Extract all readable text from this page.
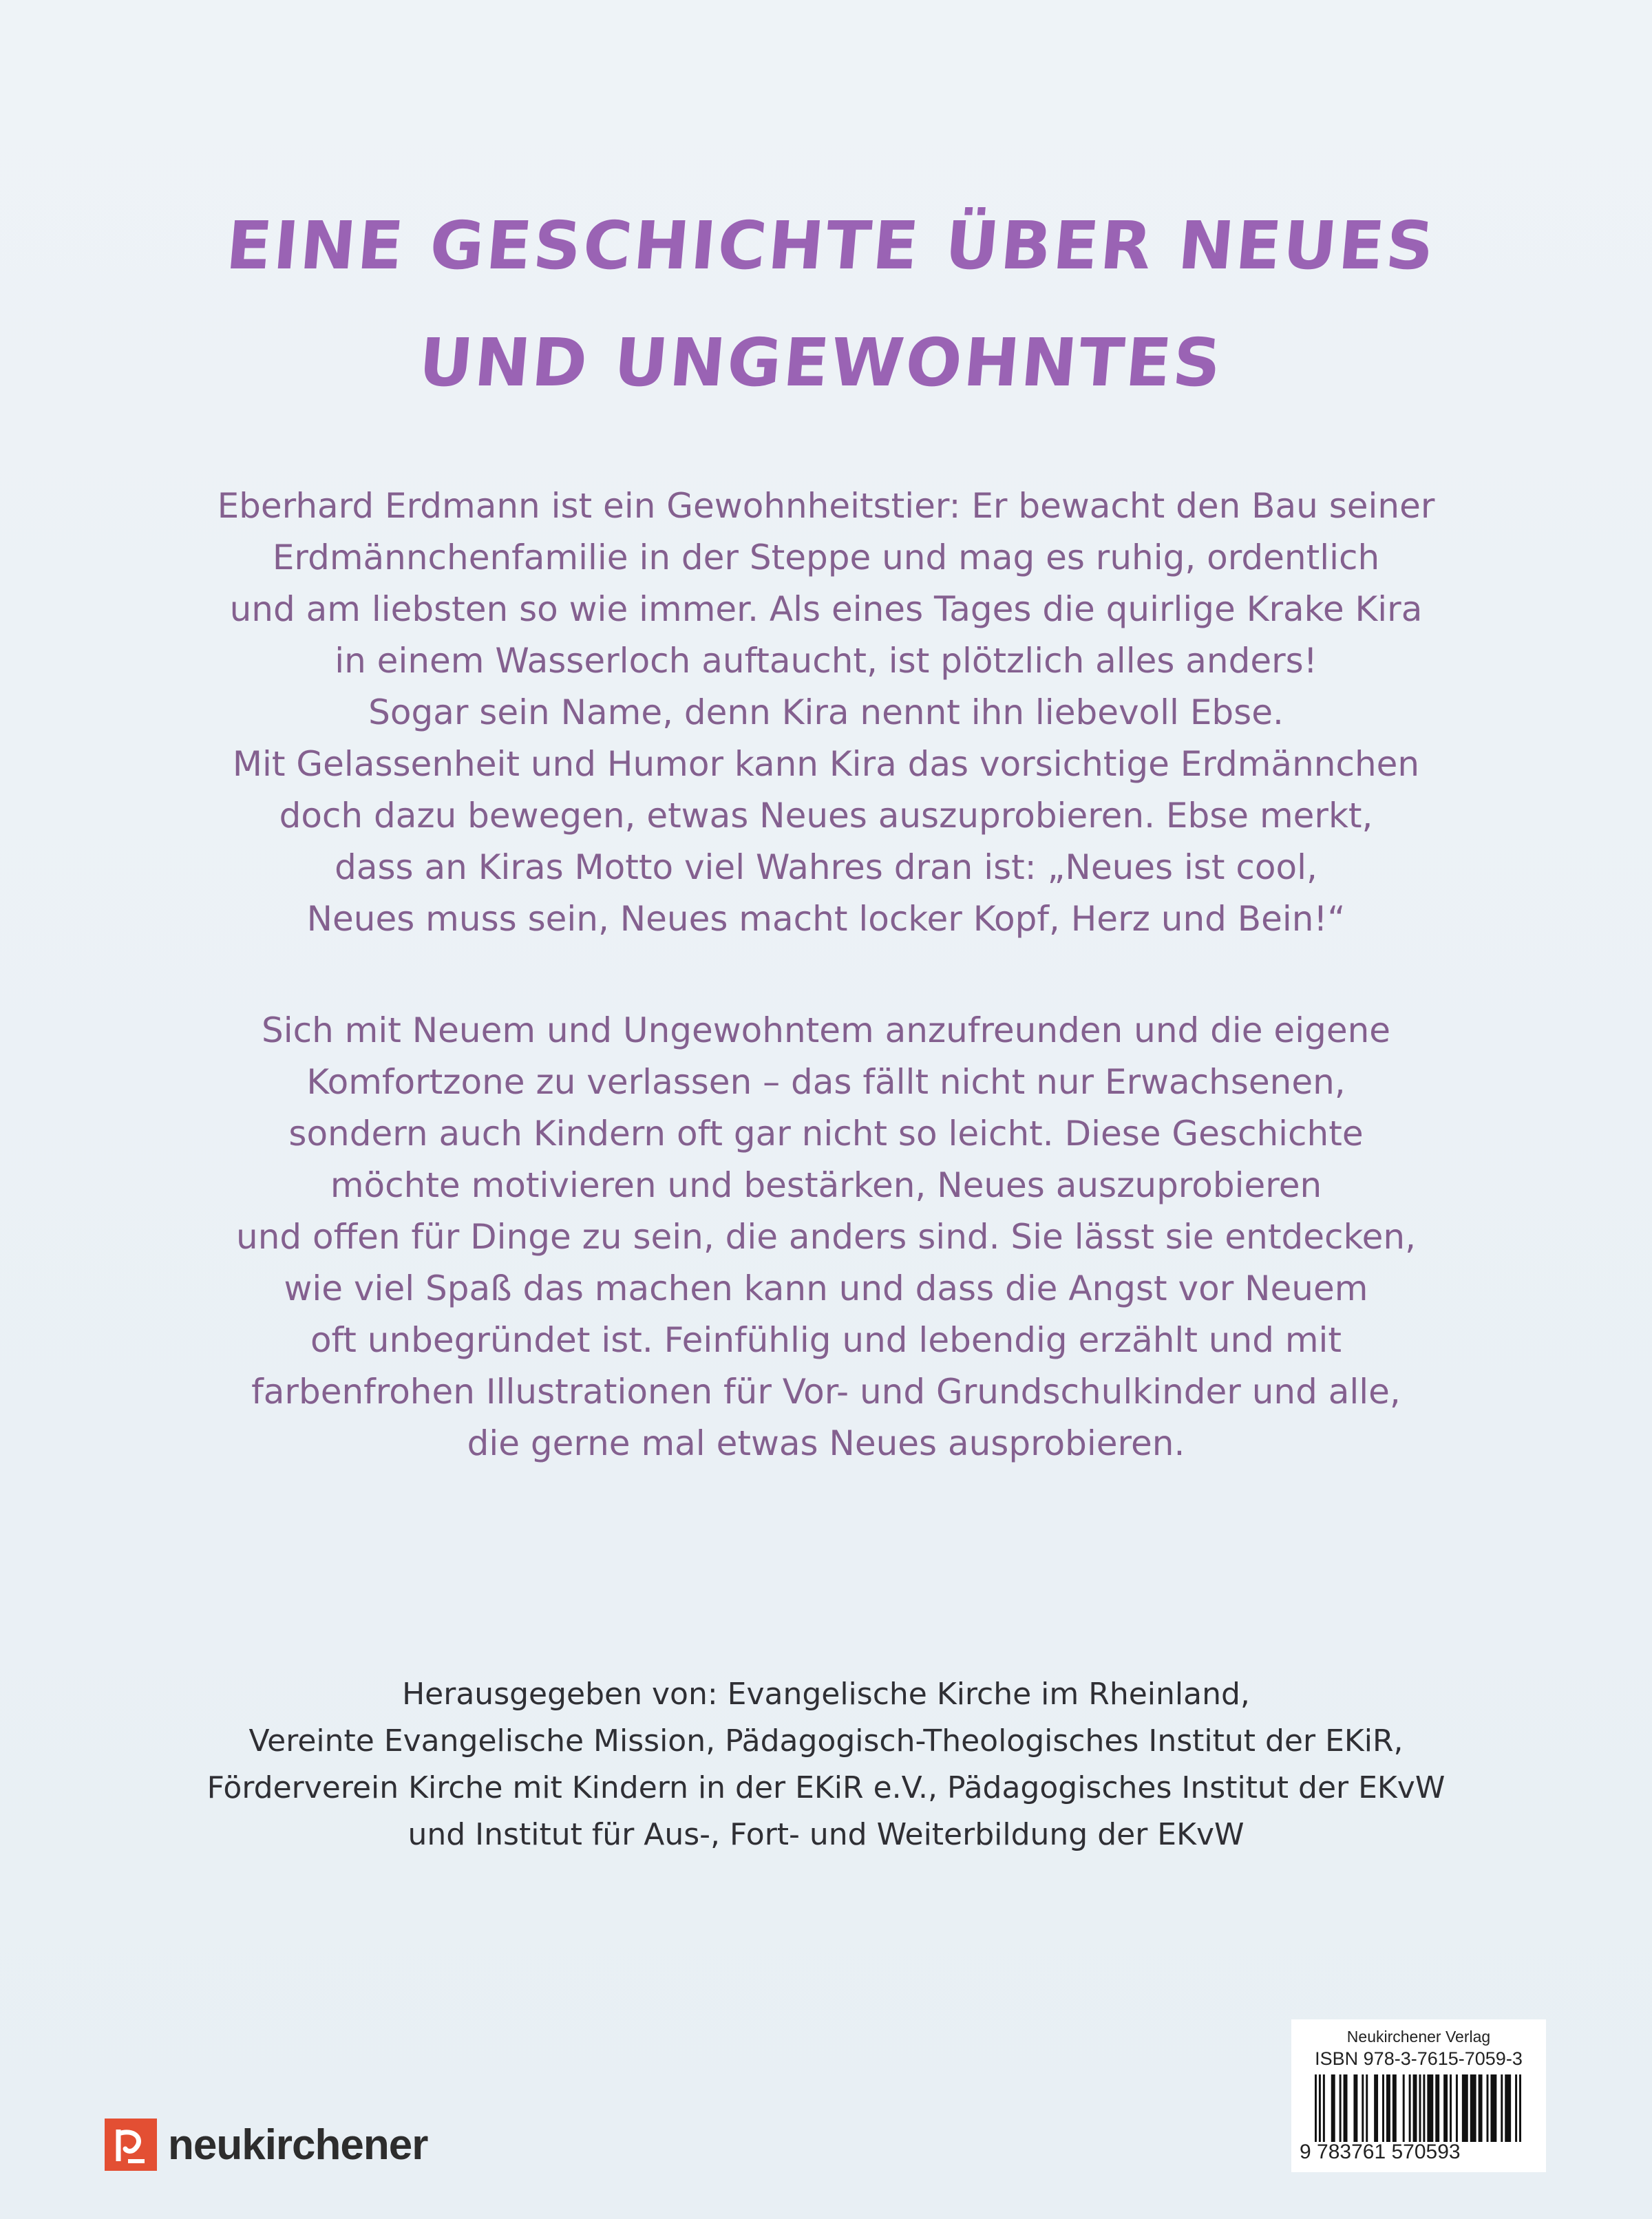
EINE GESCHICHTE ÜBER NEUES
UND UNGEWOHNTES

Eberhard Erdmann ist ein Gewohnheitstier: Er bewacht den Bau seiner

Erdmännchenfamilie in der Steppe und mag es ruhig, ordentlich

und am liebsten so wie immer. Als eines Tages die quirlige Krake Kira

in einem Wasserloch auftaucht, ist plötzlich alles anders!

Sogar sein Name, denn Kira nennt ihn liebevoll Ebse.

Mit Gelassenheit und Humor kann Kira das vorsichtige Erdmännchen

doch dazu bewegen, etwas Neues auszuprobieren. Ebse merkt,

dass an Kiras Motto viel Wahres dran ist: „Neues ist cool,

Neues muss sein, Neues macht locker Kopf, Herz und Bein!“

Sich mit Neuem und Ungewohntem anzufreunden und die eigene

Komfortzone zu verlassen – das fällt nicht nur Erwachsenen,

sondern auch Kindern oft gar nicht so leicht. Diese Geschichte

möchte motivieren und bestärken, Neues auszuprobieren

und offen für Dinge zu sein, die anders sind. Sie lässt sie entdecken,

wie viel Spaß das machen kann und dass die Angst vor Neuem

oft unbegründet ist. Feinfühlig und lebendig erzählt und mit

farbenfrohen Illustrationen für Vor- und Grundschulkinder und alle,

die gerne mal etwas Neues ausprobieren.

Herausgegeben von: Evangelische Kirche im Rheinland,

Vereinte Evangelische Mission, Pädagogisch-Theologisches Institut der EKiR,

Förderverein Kirche mit Kindern in der EKiR e.V., Pädagogisches Institut der EKvW

und Institut für Aus-, Fort- und Weiterbildung der EKvW

neukirchener
Neukirchener Verlag
ISBN 978-3-7615-7059-3
9 783761 570593
